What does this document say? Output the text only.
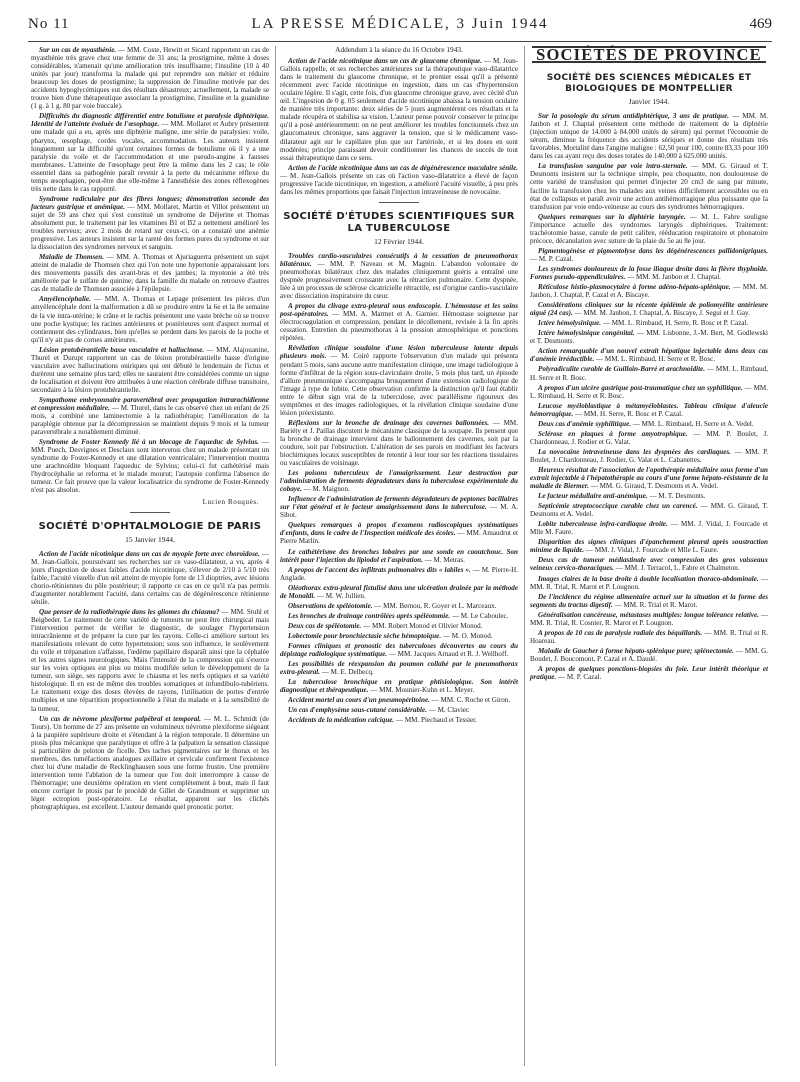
No 11	LA PRESSE MÉDICALE, 3 Juin 1944	469

Sur un cas de myasthénie. — MM. Coste, Hewitt et Sicard rapportent un cas de myasthénie très grave chez une femme de 31 ans; la prostigmine, même à doses considérables, n'amenait qu'une amélioration très insuffisante; l'insuline (10 à 40 unités par jour) transforma la malade qui put reprendre son métier et réduire beaucoup les doses de prostigmine; la suppression de l'insuline motivée par des accidents hypoglycémiques eut des résultats désastreux; actuellement, la malade se trouve bien d'une thérapeutique associant la prostigmine, l'insuline et la guanidine (1 g. à 1 g. 80 par voie buccale).

Difficultés du diagnostic différentiel entre botulisme et paralysie diphtérique. Identité de l'atteinte évoluée de l'œsophage. — MM. Mollaret et Aubry présentent une malade qui a eu, après une diphtérie maligne, une série de paralysies: voile, pharynx, œsophage, cordes vocales, accommodation. Les auteurs insistent longuement sur la difficulté qu'ont certaines formes de botulisme où il y a une paralysie du voile et de l'accommodation et une pseudo-angine à fausses membranes. L'atteinte de l'œsophage peut être la même dans les 2 cas; le rôle essentiel dans sa pathogénie paraît revenir à la perte du mécanisme réflexe du temps œsophagien, peut-être due elle-même à l'anesthésie des zones réflexogènes très nette dans le cas rapporté.

Syndrome radiculaire pur des fibres longues; démonstration seconde des facteurs gastrique et anémique. — MM. Mollaret, Martin et Villot présentent un sujet de 59 ans chez qui s'est constitué un syndrome de Déjerine et Thomas absolument pur, le traitement par les vitamines B1 et B2 a nettement amélioré les troubles nerveux; avec 2 mois de retard sur ceux-ci, on a constaté une anémie progressive. Les auteurs insistent sur la rareté des formes pures du syndrome et sur la dissociation des syndromes nerveux et sanguin.

Maladie de Thomsen. — MM. A. Thomas et Ajuriaguerra présentent un sujet atteint de maladie de Thomsen chez qui l'on note une hypertonie apparaissant lors des mouvements passifs des avant-bras et des jambes; la myotonie a été très améliorée par le sulfate de quinine; dans la famille du malade on retrouve d'autres cas de maladie de Thomsen associée à l'épilepsie.

Amyélencéphalie. — MM. A. Thomas et Lepage présentent les pièces d'un amyélencéphale dont la malformation a dû se produire entre la 6e et la 8e semaine de la vie intra-utérine; le crâne et le rachis présentent une vaste brèche où se trouve une poche kystique; les racines antérieures et postérieures sont d'aspect normal et contiennent des cylindraxes, bien qu'elles se perdent dans les parois de la poche et qu'il n'y ait pas de cornes antérieures.

Lésion protubérantielle basse vasculaire et hallucinose. — MM. Alajouanine, Thurel et Durupt rapportent un cas de lésion protubérantielle basse d'origine vasculaire avec hallucinations oniriques qui ont débuté le lendemain de l'ictus et durèrent une semaine plus tard; elles ne sauraient être considérées comme un signe de localisation et doivent être attribuées à une réaction cérébrale diffuse transitoire, secondaire à la lésion protubérantielle.

Sympathome embryonnaire paravertébral avec propagation intrarachidienne et compression médullaire. — M. Thurel, dans le cas observé chez un enfant de 26 mois, a combiné une laminectomie à la radiothérapie; l'amélioration de la paraplégie obtenue par la décompression se maintient depuis 9 mois et la tumeur paravertébrale a notablement diminué.

Syndrome de Foster Kennedy lié à un blocage de l'aqueduc de Sylvius. — MM. Puech, Desvignes et Desclaux sont intervenus chez un malade présentant un syndrome de Foster-Kennedy et une dilatation ventriculaire; l'intervention montra une arachnoïdite bloquant l'aqueduc de Sylvius; celui-ci fut cathétérisé mais l'hydrocéphalie se reforma et le malade mourut; l'autopsie confirma l'absence de tumeur. Ce fait prouve que la valeur localisatrice du syndrome de Foster-Kennedy n'est pas absolue.

Lucien Rouquès.
SOCIÉTÉ D'OPHTALMOLOGIE DE PARIS
15 Janvier 1944.

Action de l'acide nicotinique dans un cas de myopie forte avec choroïdose. — M. Jean-Gallois, poursuivant ses recherches sur ce vaso-dilatateur, a vu, après 4 jours d'ingestion de doses faibles d'acide nicotinique, s'élever de 2/10 à 5/10 très faible, l'acuité visuelle d'un œil atteint de myopie forte de 13 dioptries, avec lésions chorio-rétiniennes du pôle postérieur; il rapporte ce cas en ce qu'il n'a pas permis d'augmenter notablement l'acuité, dans certains cas de dégénérescence rétinienne sénile.

Que penser de la radiothérapie dans les gliomes du chiasma? — MM. Stuhl et Beigbeder. Le traitement de cette variété de tumeurs ne peut être chirurgical mais l'intervention permet de vérifier le diagnostic, de soulager l'hypertension intracrânienne et de préparer la cure par les rayons. Celle-ci améliore surtout les manifestations relevant de cette hypertension; sous son influence, le soulèvement du voile et trépanation s'affaisse, l'œdème papillaire disparaît ainsi que la céphalée et les autres signes neurologiques. Mais l'intensité de la compression qui s'exerce sur les voies optiques est plus ou moins modifiée selon le développement de la tumeur, son siège, ses rapports avec le chiasma et les nerfs optiques et sa variété histologique. Il en est de même des troubles somatiques et infundibulo-tubériens. Le traitement exige des doses élevées de rayons, l'utilisation de portes d'entrée multiples et une répartition proportionnelle à l'état du malade et à la sensibilité de la tumeur.

Un cas de névrome plexiforme palpébral et temporal. — M. L. Schmidt (de Tours). Un homme de 27 ans présente un volumineux névrome plexiforme siégeant à la paupière supérieure droite et s'étendant à la région temporale. Il détermine un ptosis plus mécanique que paralytique et offre à la palpation la sensation classique si particulière de peloton de ficelle. Des taches pigmentaires sur le thorax et les membres, des tuméfactions analogues axillaire et cervicale confirment l'existence chez lui d'une maladie de Recklinghausen sous une forme frustre. Une première intervention tente l'ablation de la tumeur que l'on doit interrompre à cause de l'hémorragie; une deuxième opération en vient complètement à bout, mais il faut encore corriger le ptosis par le procédé de Gillet de Grandmont et supprimer un léger ectropion post-opératoire. Le résultat, apparent sur les clichés photographiques, est excellent. L'auteur demande quel pronostic porter.

Addendum à la séance du 16 Octobre 1943.

Action de l'acide nicotinique dans un cas de glaucome chronique. — M. Jean-Gallois rappelle, et ses recherches antérieures sur la thérapeutique vaso-dilatatrice dans le traitement du glaucome chronique, et le premier essai qu'il a présenté récemment avec l'acide nicotinique en ingestion, dans un cas d'hypertension oculaire légère. Il s'agit, cette fois, d'un glaucome chronique grave, avec cécité d'un œil. L'ingestion de 0 g. 05 seulement d'acide nicotinique abaissa la tension oculaire de manière très importante: deux séries de 5 jours augmentèrent ces résultats et la malade récupéra et stabilisa sa vision. L'auteur pense pouvoir conserver le principe qu'il a posé antérieurement: on ne peut améliorer les troubles fonctionnels chez un glaucomateux chronique, sans aggraver la tension, que si le médicament vaso-dilatateur agit sur le capillaire plus que sur l'artériole, et si les doses en sont modérées; principe paraissant devoir conditionner les chances de succès de tout essai thérapeutique dans ce sens.

Action de l'acide nicotinique dans un cas de dégénérescence maculaire sénile. — M. Jean-Gallois présente un cas où l'action vaso-dilatatrice a élevé de façon progressive l'acide nicotinique, en ingestion, a amélioré l'acuité visuelle, à peu près dans les mêmes proportions que faisait l'injection intraveineuse de novocaïne.

SOCIÉTÉ D'ÉTUDES SCIENTIFIQUES SUR LA TUBERCULOSE
12 Février 1944.

Troubles cardio-vasculaires consécutifs à la cessation de pneumothorax bilatéraux. — MM. P. Naveau et M. Magnin. L'abandon volontaire de pneumothorax bilatéraux chez des malades cliniquement guéris a entraîné une dyspnée progressivement croissante avec la rétraction pulmonaire. Cette dyspnée, liée à un processus de sclérose cicatricielle rétractile, est d'origine cardio-vasculaire avec dissociation inspiratoire du cœur.

A propos du clivage extra-pleural sous endoscopie. L'hémostase et les soins post-opératoires. — MM. A. Marmet et A. Garnier. Hémostase soigneuse par électrocoagulation et compression, pendant le décollement, revisée à la fin après cessation. Entretien du pneumothorax à la pression atmosphérique et ponctions répétées.

Révélation clinique soudaine d'une lésion tuberculeuse latente depuis plusieurs mois. — M. Coirè rapporte l'observation d'un malade qui présenta pendant 5 mois, sans aucune autre manifestation clinique, une image radiologique à forme d'infiltrat de la région sous-claviculaire droite, 5 mois plus tard, un épisode d'allure pneumonique s'accompagna brusquement d'une extension radiologique de l'image à type de lobite. Cette observation confirme la distinction qu'il faut établir entre le début sign vrai de la tuberculose, avec parallélisme rigoureux des symptômes et des images radiologiques, et la révélation clinique soudaine d'une lésion préexistante.

Réflexions sur la bronche de drainage des cavernes ballonnées. — MM. Bariéty et J. Paillas discutent le mécanisme classique de la soupape. Ils pensent que la bronche de drainage intervient dans le ballonnement des cavernes, soit par la coudure, soit par l'obstruction. L'altération de ses parois en modifiant les facteurs biochimiques locaux susceptibles de retentir à leur tour sur les réactions tissulaires ou vasculaires de voisinage.

Les poisons tuberculeux de l'amaigrissement. Leur destruction par l'administration de ferments dégradateurs dans la tuberculose expérimentale du cobaye. — M. Maignon.

Influence de l'administration de ferments dégradateurs de peptones bacillaires sur l'état général et le facteur amaigrissement dans la tuberculose. — M. A. Sibot.

Quelques remarques à propos d'examens radioscopiques systématiques d'enfants, dans le cadre de l'Inspection médicale des écoles. — MM. Amaudrut et Pierre Marlin.

Le cathétérisme des bronches lobaires par une sonde en caoutchouc. Son intérêt pour l'injection du lipiodol et l'aspiration. — M. Metras.

A propos de l'accent des infiltrats pulmonaires dits « labiles ». — M. Pierre-H. Anglade.

Oléothorax extra-pleural fistulisé dans une ulcération drainée par la méthode de Monaldi. — M. W. Jullien.

Observations de spéléotomie. — MM. Bernou, R. Goyer et L. Marceaux.

Les bronches de drainage contrôlées après spéléotomie. — M. Le Caboulec.

Deux cas de spéléotomie. — MM. Robert Monod et Olivier Monod.

Lobectomie pour bronchiectasie sèche hémoptoïque. — M. O. Monod.

Formes cliniques et pronostic des tuberculoses découvertes au cours du dépistage radiologique systématique. — MM. Jacques Arnaud et R. J. Wellhoff.

Les possibilités de réexpansion du poumon collabé par le pneumothorax extra-pleural. — M. E. Delbecq.

La tuberculose bronchique en pratique phtisiologique. Son intérêt diagnostique et thérapeutique. — MM. Mounier-Kuhn et L. Meyer.

Accident mortel au cours d'un pneumopéritoine. — MM. C. Roche et Giron.

Un cas d'emphysème sous-cutané considérable. — M. Clavier.

Accidents de la médication calcique. — MM. Piechaud et Tessier.

SOCIÉTÉS DE PROVINCE
SOCIÉTÉ DES SCIENCES MÉDICALES ET BIOLOGIQUES DE MONTPELLIER
Janvier 1944.

Sur la posologie du sérum antidiphtérique, 3 ans de pratique. — MM. M. Janbon et J. Chaptal présentent cette méthode de traitement de la diphtérie (injection unique de 14.000 à 84.000 unités de sérum) qui permet l'économie de sérum, diminue la fréquence des accidents sériques et donne des résultats très favorables. Mortalité dans l'angine maligne : 62,50 pour 100, contre 83,33 pour 100 dans les cas ayant reçu des doses totales de 140.000 à 625.000 unités.

La transfusion sanguine par voie intra-sternale. — MM. G. Giraud et T. Desmonts insistent sur la technique simple, peu choquante, non douloureuse de cette variété de transfusion qui permet d'injecter 20 cm3 de sang par minute, facilite la transfusion chez les malades aux veines difficilement accessibles ou en état de collapsus et paraît avoir une action antihémorragique plus puissante que la transfusion par voie endo-veineuse au cours des syndromes hémorragiques.

Quelques remarques sur la diphtérie laryngée. — M. L. Fabre souligne l'importance actuelle des syndromes laryngés diphtériques. Traitement: trachéotomie basse, canule de petit calibre, rééducation respiratoire et phonatoire précoce, décanulation avec suture de la plaie du 5e au 8e jour.

Pigmentogénèse et pigmentolyse dans les dégénérescences pallidonigriques. — M. P. Cazal.

Les syndromes douloureux de la fosse iliaque droite dans la fièvre thyphoïde. Formes pseudo-appendiculaires. — MM. M. Janbon et J. Chaptal.

Réticulose histio-plasmocytaire à forme adéno-hépato-splénique. — MM. M. Janbon, J. Chaptal, P. Cazal et A. Biscaye.

Considérations cliniques sur la récente épidémie de poliomyélite antérieure aiguë (24 cas). — MM. M. Janbon, J. Chaptal, A. Biscaye, J. Segui et J. Gay.

Ictère hémolysinique. — MM. L. Rimbaud, H. Serre, R. Bosc et P. Cazal.

Ictère hémolysinique congénital. — MM. Lisbonne, J.-M. Bert, M. Godlewski et T. Desmonts.

Action remarquable d'un nouvel extrait hépatique injectable dans deux cas d'anémie irréductible. — MM. L. Rimbaud, H. Serre et R. Bosc.

Polyradiculite curable de Guillain-Barré et arachnoïdite. — MM. L. Rimbaud, H. Serre et R. Bosc.

A propos d'un ulcère gastrique post-traumatique chez un syphilitique. — MM. L. Rimbaud, H. Serre et R. Bosc.

Leucose myéloblastique à métamyéloblastes. Tableau clinique d'aleucie hémorragique. — MM. H. Serre, R. Bosc et P. Cazal.

Deux cas d'anémie syphilitique. — MM. L. Rimbaud, H. Serre et A. Vedel.

Sclérose en plaques à forme amyotrophique. — MM. P. Boulet, J. Chardonneau, J. Rodier et G. Valat.

La novocaïne intraveineuse dans les dyspnées des cardiaques. — MM. P. Boulet, J. Chardonneau, J. Rodier, G. Valat et L. Cabanettes.

Heureux résultat de l'association de l'opothérapie médullaire sous forme d'un extrait injectable à l'hépatothérapie au cours d'une forme hépato-résistante de la maladie de Biermer. — MM. G. Giraud, T. Desmonts et A. Vedel.

Le facteur médullaire anti-anémique. — M. T. Desmonts.

Septicémie streptococcique curable chez un carencé. — MM. G. Giraud, T. Desmonts et A. Vedel.

Lobite tuberculeuse infra-cardiaque droite. — MM. J. Vidal, J. Fourcade et Mlle M. Faure.

Disparition des signes cliniques d'épanchement pleural après soustraction minime de liquide. — MM. J. Vidal, J. Fourcade et Mlle L. Faure.

Deux cas de tumeur médiastinale avec compression des gros vaisseaux veineux cervico-thoraciques. — MM. J. Terracol, L. Fabre et Chalmeton.

Images claires de la base droite à double localisation thoraco-abdominale. — MM. R. Trial, R. Marot et P. Lougnon.

De l'incidence du régime alimentaire actuel sur la situation et la forme des segments du tractus digestif. — MM. R. Trial et R. Marot.

Généralisation cancéreuse, métastases multiples: longue tolérance relative. — MM. R. Trial, R. Cosnier, R. Marot et P. Lougnon.

A propos de 10 cas de paralysie radiale des béquillards. — MM. R. Trial et R. Hoareau.

Maladie de Gaucher à forme hépato-splénique pure; splénectomie. — MM. G. Boudet, J. Boucomont, P. Cazal et A. Daudé.

A propos de quelques ponctions-biopsies du foie. Leur intérêt théorique et pratique. — M. P. Cazal.
